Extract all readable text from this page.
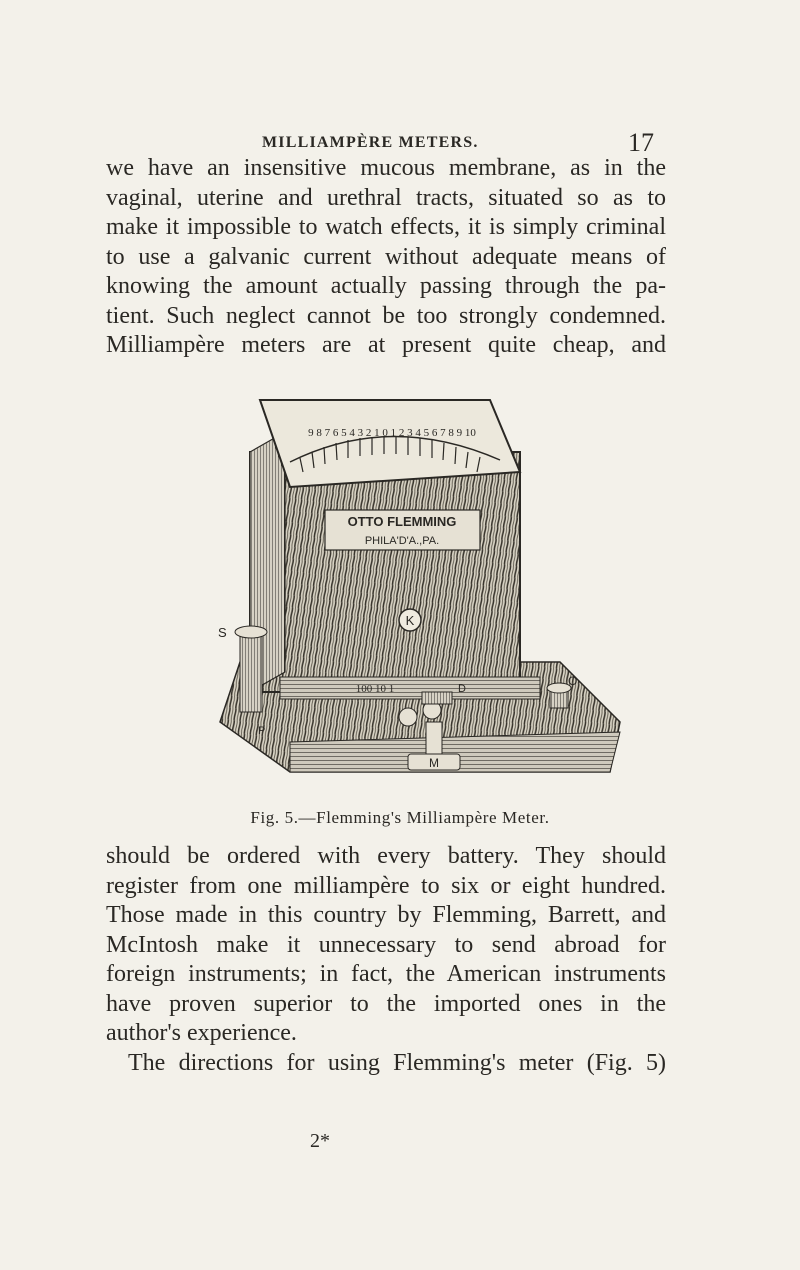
MILLIAMPÈRE METERS.	17
we have an insensitive mucous membrane, as in the
vaginal, uterine and urethral tracts, situated so as to
make it impossible to watch effects, it is simply criminal
to use a galvanic current without adequate means of
knowing the amount actually passing through the pa-
tient. Such neglect cannot be too strongly condemned.
Milliampère meters are at present quite cheap, and
9 8 7 6 5 4 3 2 1 0 1 2 3 4 5 6 7 8 9 10
OTTO FLEMMING
PHILA'D'A.,PA.
K
100 10 1
S
P
O
D
M
Fig. 5.—Flemming's Milliampère Meter.
should be ordered with every battery. They should
register from one milliampère to six or eight hundred.
Those made in this country by Flemming, Barrett, and
McIntosh make it unnecessary to send abroad for
foreign instruments; in fact, the American instruments
have proven superior to the imported ones in the
author's experience.
The directions for using Flemming's meter (Fig. 5)
2*
